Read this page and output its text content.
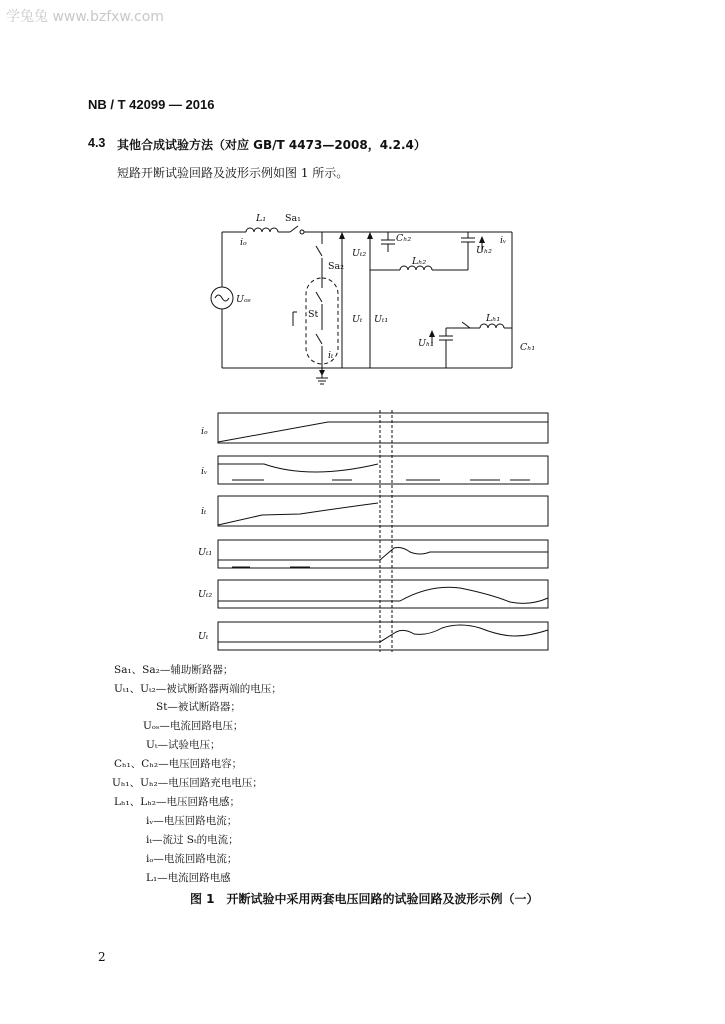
学兔兔 www.bzfxw.com
NB / T 42099 — 2016
4.3 其他合成试验方法（对应 GB/T 4473—2008，4.2.4）
短路开断试验回路及波形示例如图 1 所示。
L₁ Sa₁
iₒ
Uₜ₂
Cₕ₂
Uₕ₂
iᵥ
Sa₂	Lₕ₂
Uₒₛ
St	Uₜ Uₜ₁	Lₕ₁
Uₕ₁
iₜ
Cₕ₁
iₒ
iᵥ
iₜ
Uₜ₁
Uₜ₂
Uₜ
Sa₁、Sa₂—辅助断路器；
Uₜ₁、Uₜ₂—被试断路器两端的电压；
St—被试断路器；
Uₒₛ—电流回路电压；
Uₜ—试验电压；
Cₕ₁、Cₕ₂—电压回路电容；
Uₕ₁、Uₕ₂—电压回路充电电压；
Lₕ₁、Lₕ₂—电压回路电感；
iᵥ—电压回路电流；
iₜ—流过 Sₜ的电流；
iₒ—电流回路电流；
L₁—电流回路电感
图 1　开断试验中采用两套电压回路的试验回路及波形示例（一）
2
